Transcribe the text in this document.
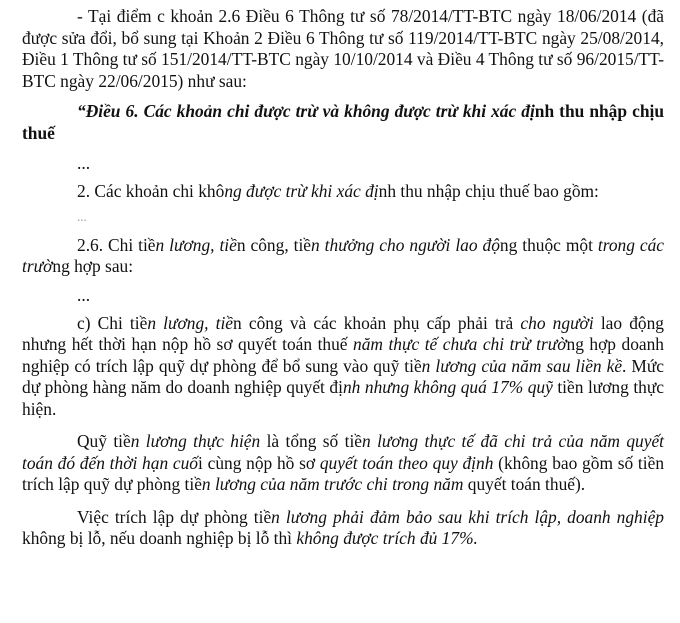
- Tại điểm c khoản 2.6 Điều 6 Thông tư số 78/2014/TT-BTC ngày 18/06/2014 (đã được sửa đổi, bổ sung tại Khoản 2 Điều 6 Thông tư số 119/2014/TT-BTC ngày 25/08/2014, Điều 1 Thông tư số 151/2014/TT-BTC ngày 10/10/2014 và Điều 4 Thông tư số 96/2015/TT-BTC ngày 22/06/2015) như sau:

“Điều 6. Các khoản chi được trừ và không được trừ khi xác định thu nhập chịu thuế

...

2. Các khoản chi không được trừ khi xác định thu nhập chịu thuế bao gồm:

...

2.6. Chi tiền lương, tiền công, tiền thưởng cho người lao động thuộc một trong các trường hợp sau:

...

c) Chi tiền lương, tiền công và các khoản phụ cấp phải trả cho người lao động nhưng hết thời hạn nộp hồ sơ quyết toán thuế năm thực tế chưa chi trừ trường hợp doanh nghiệp có trích lập quỹ dự phòng để bổ sung vào quỹ tiền lương của năm sau liền kề. Mức dự phòng hàng năm do doanh nghiệp quyết định nhưng không quá 17% quỹ tiền lương thực hiện.

Quỹ tiền lương thực hiện là tổng số tiền lương thực tế đã chi trả của năm quyết toán đó đến thời hạn cuối cùng nộp hồ sơ quyết toán theo quy định (không bao gồm số tiền trích lập quỹ dự phòng tiền lương của năm trước chi trong năm quyết toán thuế).

Việc trích lập dự phòng tiền lương phải đảm bảo sau khi trích lập, doanh nghiệp không bị lỗ, nếu doanh nghiệp bị lỗ thì không được trích đủ 17%.
